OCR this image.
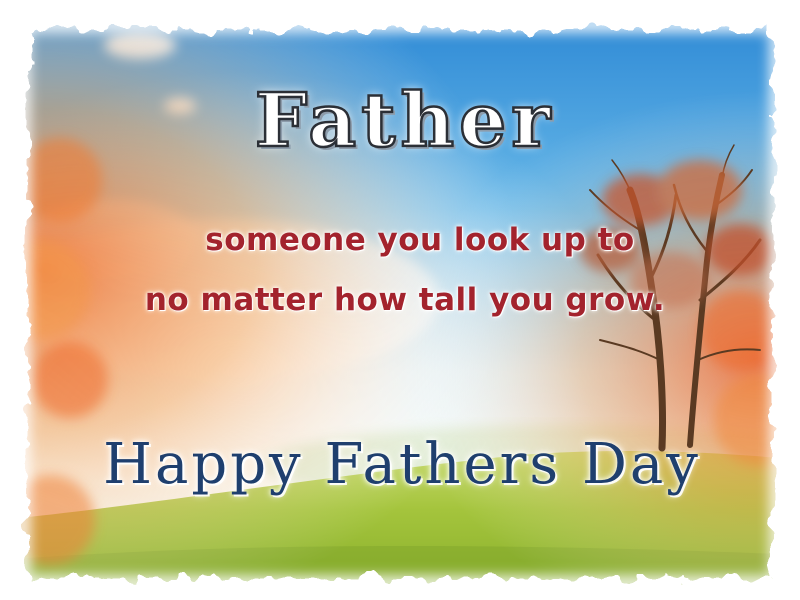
Father

someone you look up to

no matter how tall you grow.

Happy Fathers Day
